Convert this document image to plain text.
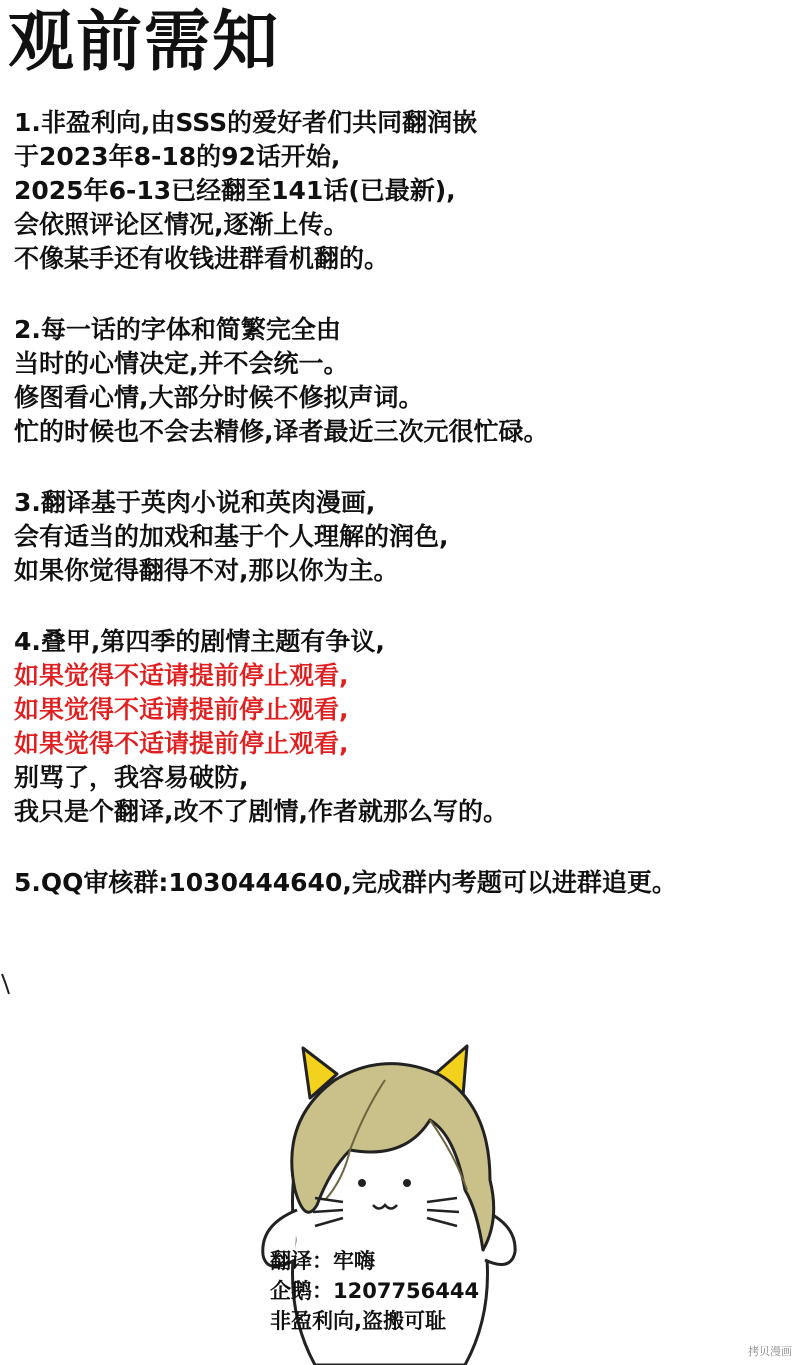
观前需知
1.非盈利向,由SSS的爱好者们共同翻润嵌
于2023年8-18的92话开始,
2025年6-13已经翻至141话(已最新),
会依照评论区情况,逐渐上传。
不像某手还有收钱进群看机翻的。
2.每一话的字体和简繁完全由
当时的心情决定,并不会统一。
修图看心情,大部分时候不修拟声词。
忙的时候也不会去精修,译者最近三次元很忙碌。
3.翻译基于英肉小说和英肉漫画,
会有适当的加戏和基于个人理解的润色,
如果你觉得翻得不对,那以你为主。
4.叠甲,第四季的剧情主题有争议,
如果觉得不适请提前停止观看,
如果觉得不适请提前停止观看,
如果觉得不适请提前停止观看,
别骂了，我容易破防,
我只是个翻译,改不了剧情,作者就那么写的。
5.QQ审核群:1030444640,完成群内考题可以进群追更。
翻译：牢嗨
企鹅：1207756444
非盈利向,盗搬可耻
拷贝漫画
